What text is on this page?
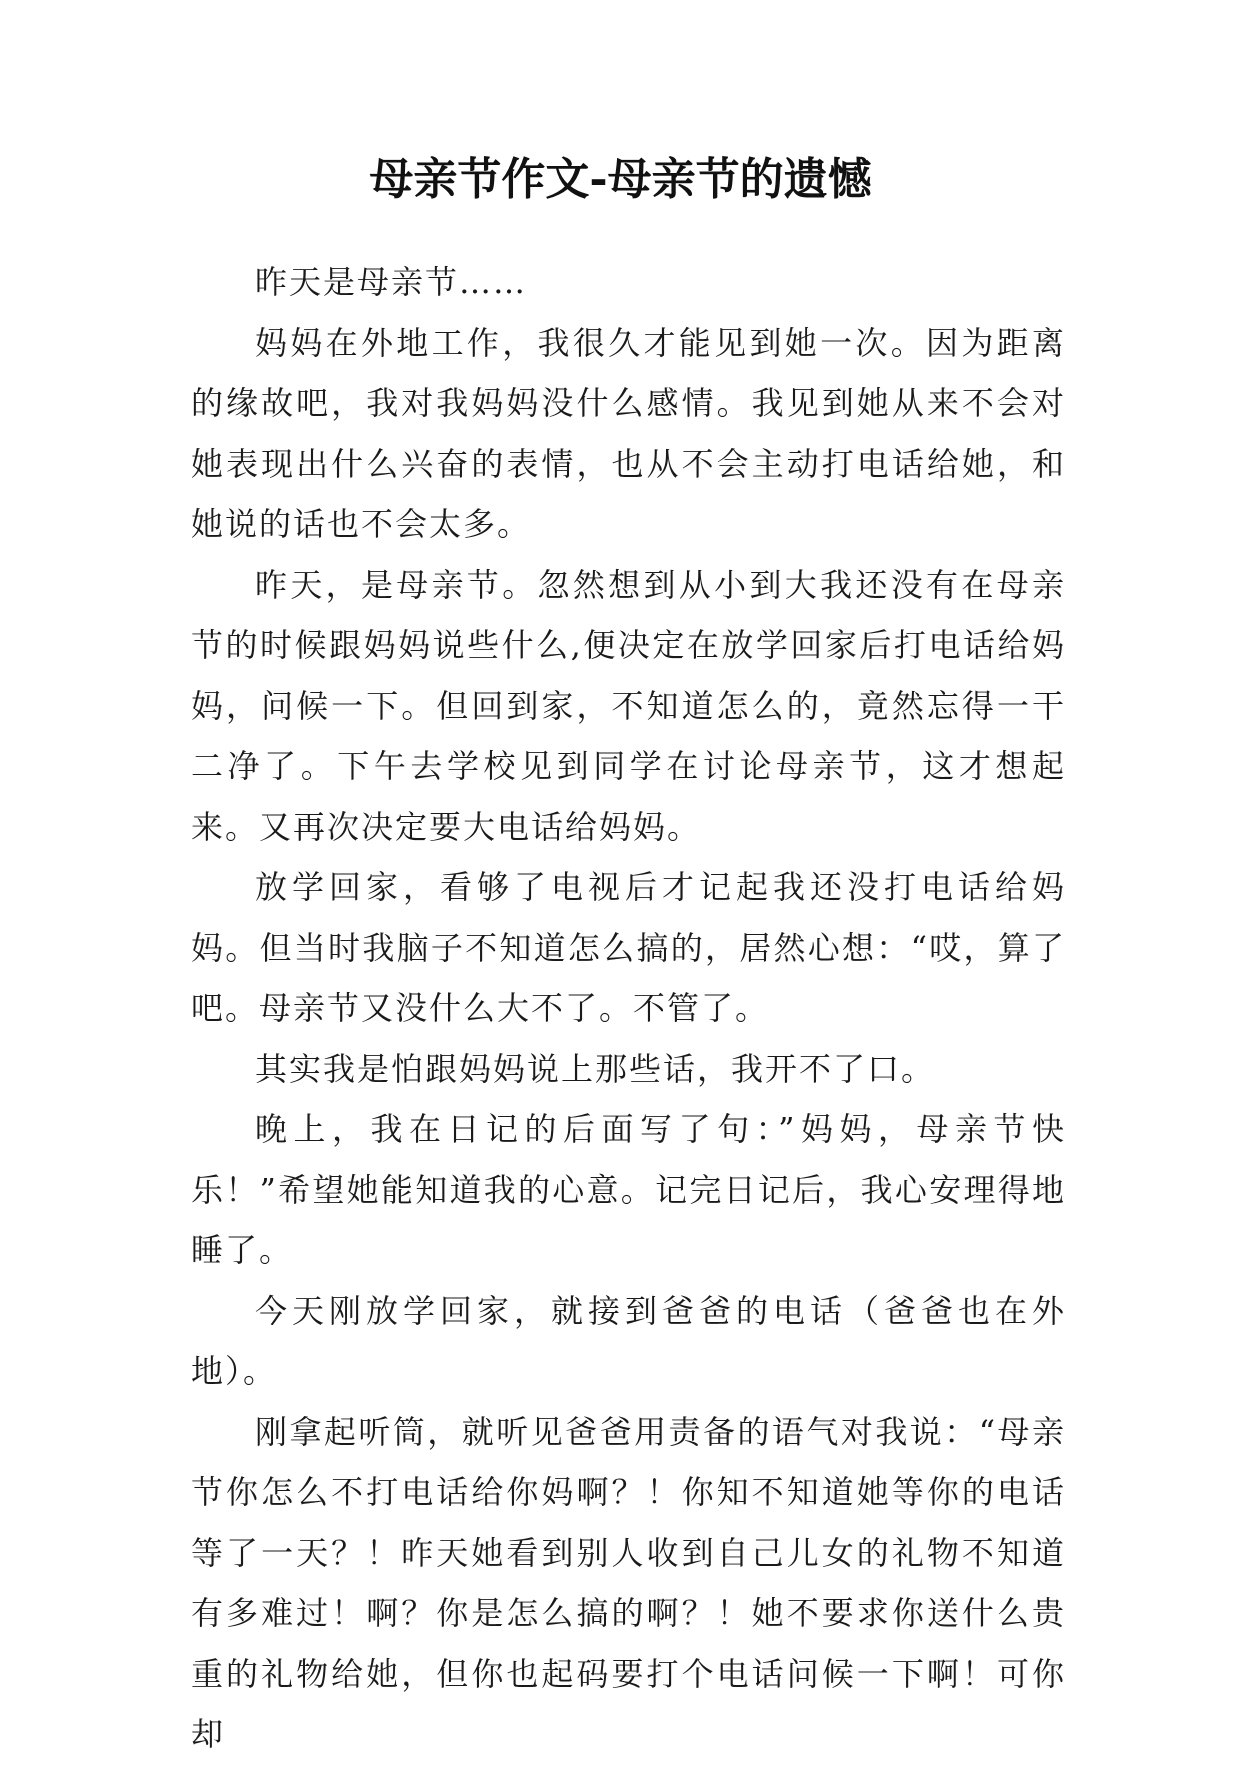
母亲节作文-母亲节的遗憾

昨天是母亲节……

妈妈在外地工作，我很久才能见到她一次。因为距离的缘故吧，我对我妈妈没什么感情。我见到她从来不会对她表现出什么兴奋的表情，也从不会主动打电话给她，和她说的话也不会太多。

昨天，是母亲节。忽然想到从小到大我还没有在母亲节的时候跟妈妈说些什么,便决定在放学回家后打电话给妈妈，问候一下。但回到家，不知道怎么的，竟然忘得一干二净了。下午去学校见到同学在讨论母亲节，这才想起来。又再次决定要大电话给妈妈。

放学回家，看够了电视后才记起我还没打电话给妈妈。但当时我脑子不知道怎么搞的，居然心想：“哎，算了吧。母亲节又没什么大不了。不管了。

其实我是怕跟妈妈说上那些话，我开不了口。

晚上，我在日记的后面写了句：”妈妈，母亲节快乐！”希望她能知道我的心意。记完日记后，我心安理得地睡了。

今天刚放学回家，就接到爸爸的电话（爸爸也在外地）。

刚拿起听筒，就听见爸爸用责备的语气对我说：“母亲节你怎么不打电话给你妈啊？！你知不知道她等你的电话等了一天？！昨天她看到别人收到自己儿女的礼物不知道有多难过！啊？你是怎么搞的啊？！她不要求你送什么贵重的礼物给她，但你也起码要打个电话问候一下啊！可你却
